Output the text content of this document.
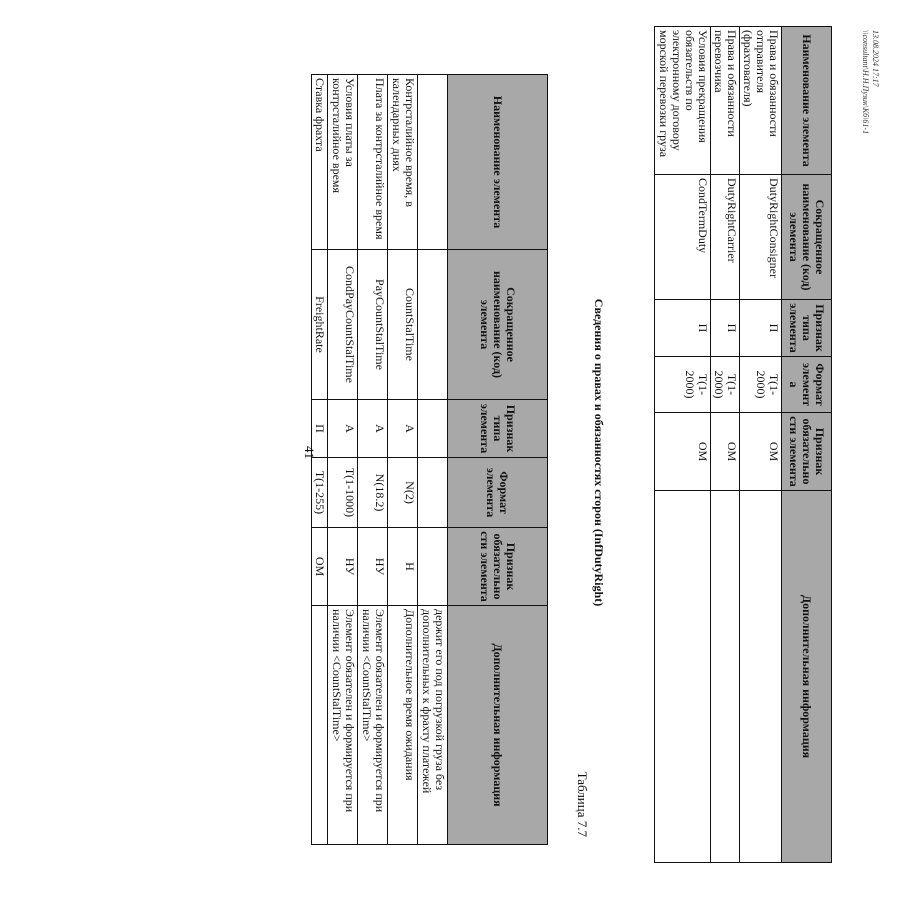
41
Наименование элемента	Сокращенное наименование (код) элемента	Признак типа элемента	Формат элемента	Признак обязательности элемента	Дополнительная информация
					держит его под погрузкой груза без дополнительных к фрахту платежей
Контрсталийное время, в календарных днях	CountStalTime	А	N(2)	Н	Дополнительное время ожидания
Плата за контрсталийное время	PayCountStalTime	А	N(18.2)	НУ	Элемент обязателен и формируется при наличии <CountStalTime>
Условия платы за контрсталийное время	CondPayCountStalTime	А	T(1-1000)	НУ	Элемент обязателен и формируется при наличии <CountStalTime>
Ставка фрахта	FreightRate	П	T(1-255)	ОМ	
Таблица 7.7
Сведения о правах и обязанностях сторон (InfDutyRight)
Наименование элемента	Сокращенное наименование (код) элемента	Признак типа элемента	Формат элемента	Признак обязательности элемента	Дополнительная информация
Права и обязанности отправителя (фрахтователя)	DutyRightConsigner	П	T(1-2000)	ОМ	
Права и обязанности перевозчика	DutyRightCarrier	П	T(1-2000)	ОМ	
Условия прекращения обязательств по электронному договору морской перевозки груза	CondTermDuty	П	T(1-2000)	ОМ	
13.08.2024 17:17
\\consultant\Н.Н.Пузик\Кб\61-1
